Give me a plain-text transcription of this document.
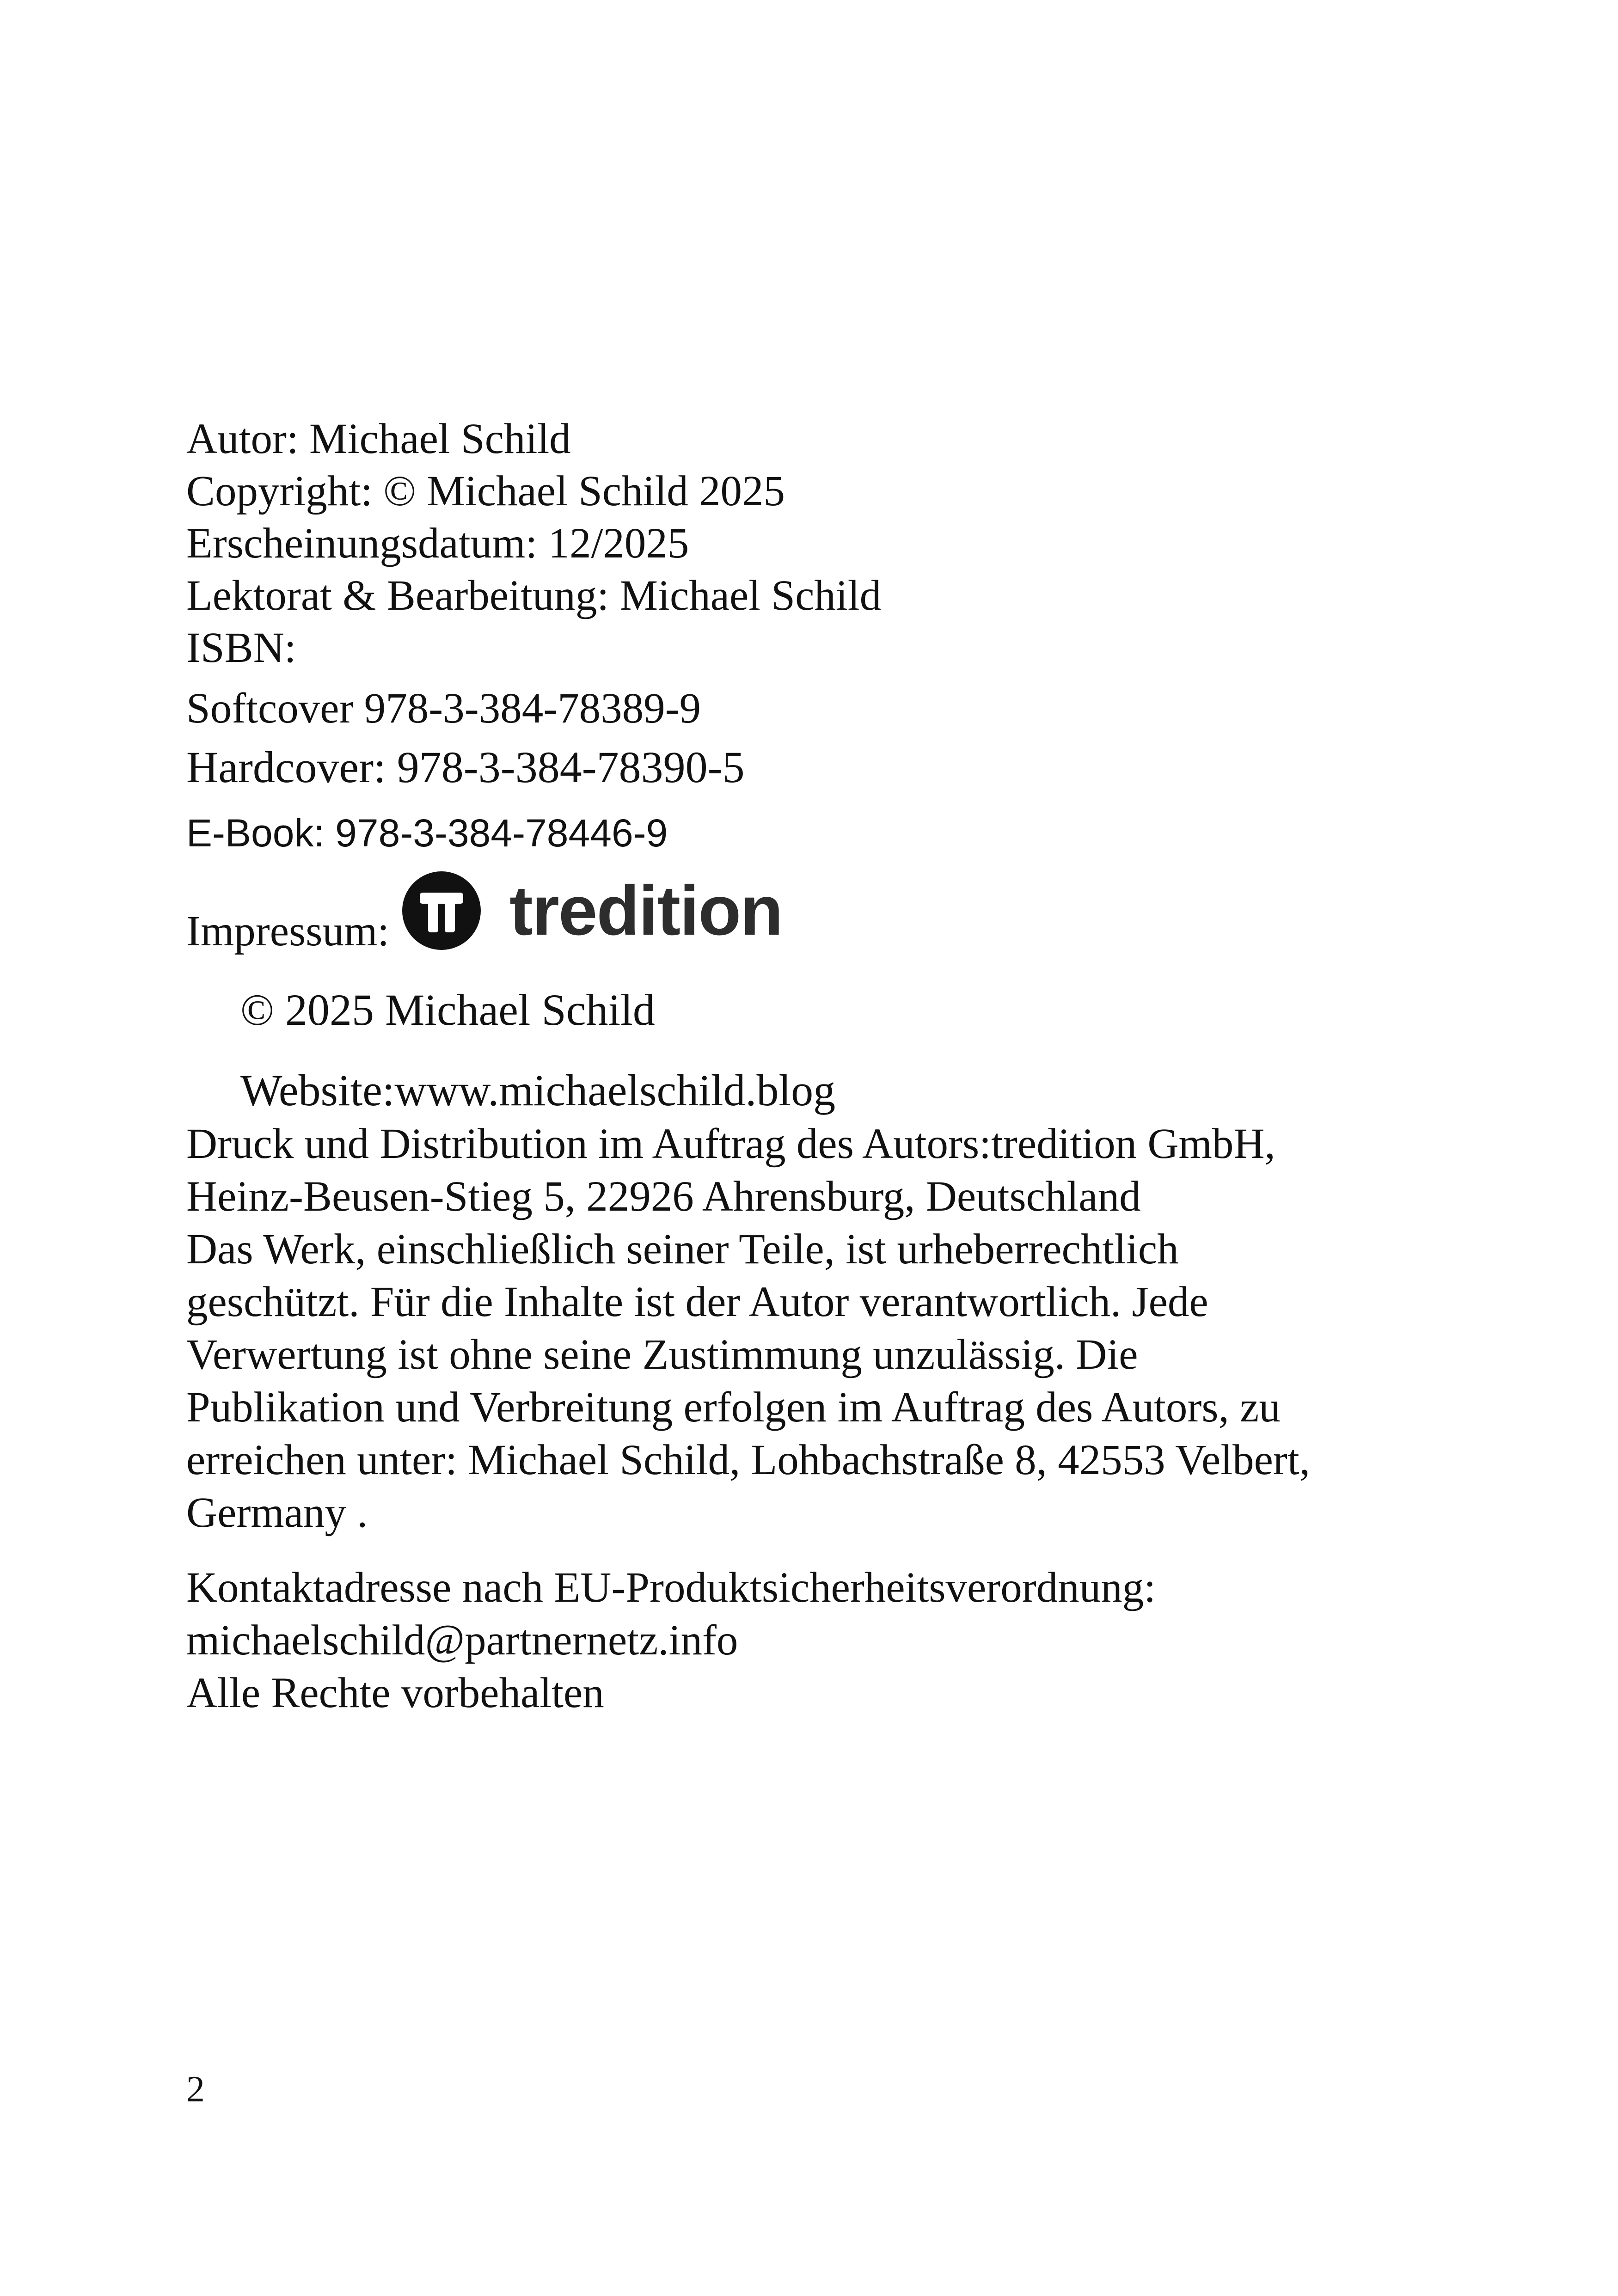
Autor: Michael Schild
Copyright: © Michael Schild 2025
Erscheinungsdatum: 12/2025
Lektorat & Bearbeitung: Michael Schild
ISBN:
Softcover 978-3-384-78389-9
Hardcover: 978-3-384-78390-5
E-Book: 978-3-384-78446-9
Impressum: tredition
© 2025 Michael Schild
Website:www.michaelschild.blog
Druck und Distribution im Auftrag des Autors:tredition GmbH,
Heinz-Beusen-Stieg 5, 22926 Ahrensburg, Deutschland
Das Werk, einschließlich seiner Teile, ist urheberrechtlich
geschützt. Für die Inhalte ist der Autor verantwortlich. Jede
Verwertung ist ohne seine Zustimmung unzulässig. Die
Publikation und Verbreitung erfolgen im Auftrag des Autors, zu
erreichen unter: Michael Schild, Lohbachstraße 8, 42553 Velbert,
Germany .
Kontaktadresse nach EU-Produktsicherheitsverordnung:
michaelschild@partnernetz.info
Alle Rechte vorbehalten
2
